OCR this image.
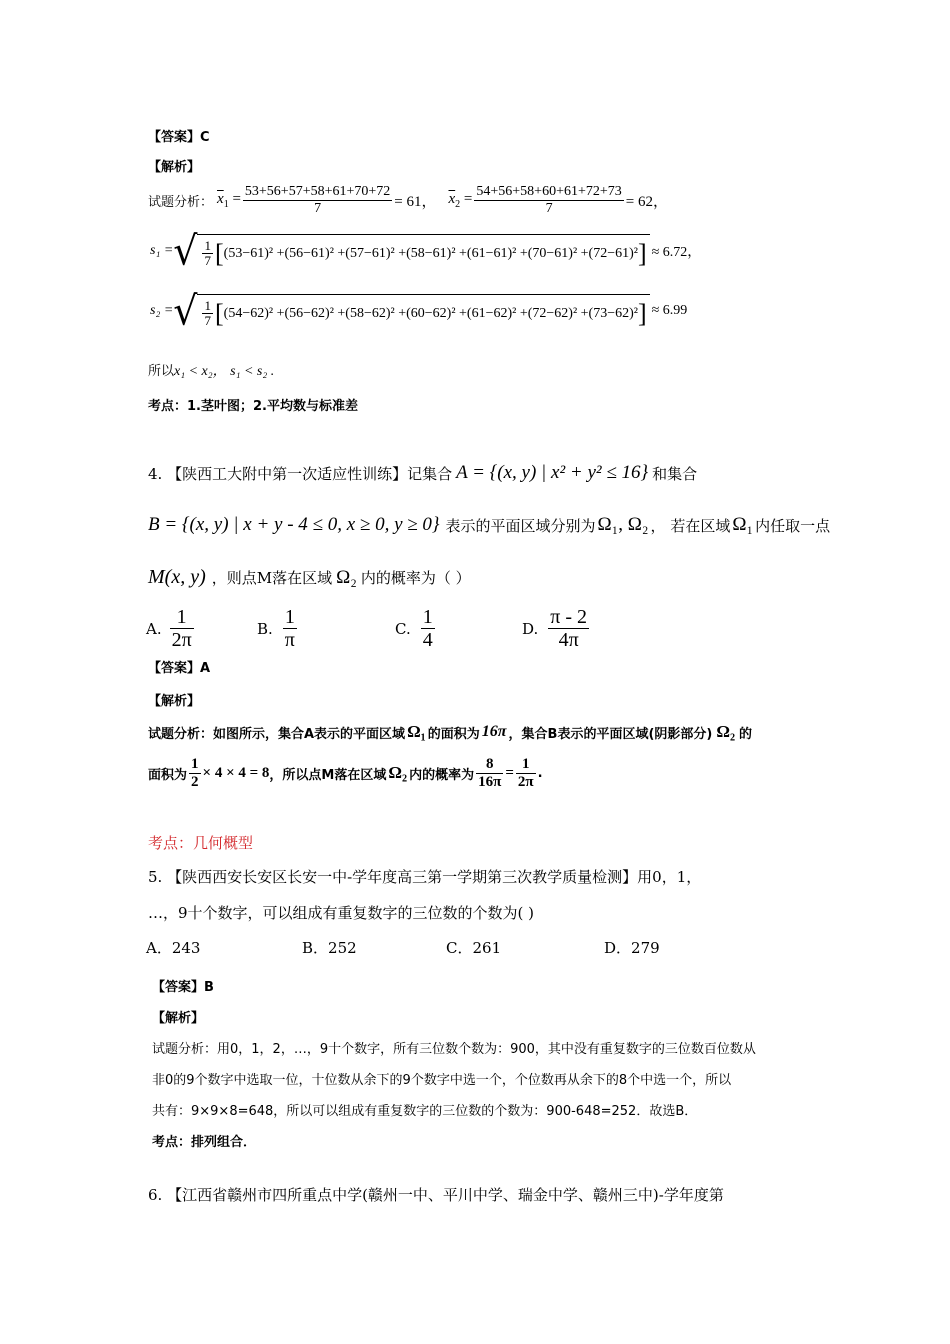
【答案】C
【解析】
试题分析： $\overline{x}_1 = \frac{53+56+57+58+61+70+72}{7} = 61$， $\overline{x}_2 = \frac{54+56+58+60+61+72+73}{7} = 62$，
s₁ = √ $\frac{1}{7}$ [ (53−61)² +(56−61)² +(57−61)² +(58−61)² +(61−61)² +(70−61)² +(72−61)² ] ≈ 6.72，
s₂ = √ $\frac{1}{7}$ [ (54−62)² +(56−62)² +(58−62)² +(60−62)² +(61−62)² +(72−62)² +(73−62)² ] ≈ 6.99
所以x₁ < x₂， s₁ < s₂ .
考点：1.茎叶图；2.平均数与标准差
4. 【陕西工大附中第一次适应性训练】记集合 A = {(x, y) | x² + y² ≤ 16} 和集合
B = {(x, y) | x + y - 4 ≤ 0, x ≥ 0, y ≥ 0} 表示的平面区域分别为 Ω₁, Ω₂ ， 若在区域 Ω₁ 内任取一点
M(x, y) ，则点M落在区域 Ω₂ 内的概率为（ ）
A. $\frac{1}{2\pi}$	B. $\frac{1}{\pi}$	C. $\frac{1}{4}$	D. $\frac{\pi - 2}{4\pi}$
【答案】A
【解析】
试题分析：如图所示，集合A表示的平面区域 Ω₁ 的面积为 16π ，集合B表示的平面区域(阴影部分) Ω₂ 的
面积为 $\frac{1}{2} \times 4 \times 4 = 8$ ，所以点M落在区域 Ω₂ 内的概率为 $\frac{8}{16\pi} = \frac{1}{2\pi}$ .
考点：几何概型
5. 【陕西西安长安区长安一中-学年度高三第一学期第三次教学质量检测】用0，1，
…，9十个数字，可以组成有重复数字的三位数的个数为( )
A．243	B．252	C．261	D．279
【答案】B
【解析】
试题分析：用0，1，2，…，9十个数字，所有三位数个数为：900，其中没有重复数字的三位数百位数从
非0的9个数字中选取一位，十位数从余下的9个数字中选一个，个位数再从余下的8个中选一个，所以
共有：9×9×8=648，所以可以组成有重复数字的三位数的个数为：900-648=252．故选B．
考点：排列组合．
6. 【江西省赣州市四所重点中学(赣州一中、平川中学、瑞金中学、赣州三中)-学年度第
